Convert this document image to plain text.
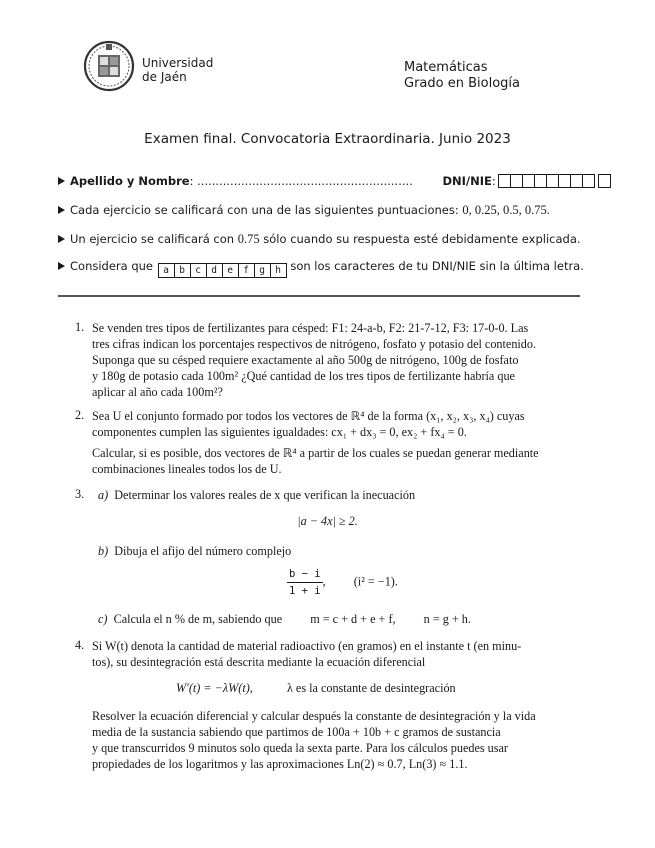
Universidad
de Jaén
Matemáticas
Grado en Biología
Examen final. Convocatoria Extraordinaria. Junio 2023
Apellido y Nombre: ...........................................................	DNI/NIE:
Cada ejercicio se calificará con una de las siguientes puntuaciones: 0, 0.25, 0.5, 0.75.
Un ejercicio se calificará con 0.75 sólo cuando su respuesta esté debidamente explicada.
Considera que a b c d e f g h son los caracteres de tu DNI/NIE sin la última letra.
1. Se venden tres tipos de fertilizantes para césped: F1: 24-a-b, F2: 21-7-12, F3: 17-0-0. Las
tres cifras indican los porcentajes respectivos de nitrógeno, fosfato y potasio del contenido.
Suponga que su césped requiere exactamente al año 500g de nitrógeno, 100g de fosfato
y 180g de potasio cada 100m² ¿Qué cantidad de los tres tipos de fertilizante habría que
aplicar al año cada 100m²?
2. Sea U el conjunto formado por todos los vectores de ℝ⁴ de la forma (x₁, x₂, x₃, x₄) cuyas
componentes cumplen las siguientes igualdades: cx₁ + dx₃ = 0, ex₂ + fx₄ = 0.
Calcular, si es posible, dos vectores de ℝ⁴ a partir de los cuales se puedan generar mediante
combinaciones lineales todos los de U.
3. a) Determinar los valores reales de x que verifican la inecuación
|a − 4x| ≥ 2.
b) Dibuja el afijo del número complejo
$\frac{b - i}{1 + i}$ , (i² = −1).
c) Calcula el n % de m, sabiendo que m = c + d + e + f, n = g + h.
4. Si W(t) denota la cantidad de material radioactivo (en gramos) en el instante t (en minu-
tos), su desintegración está descrita mediante la ecuación diferencial
W′(t) = −λW(t),	λ es la constante de desintegración
Resolver la ecuación diferencial y calcular después la constante de desintegración y la vida
media de la sustancia sabiendo que partimos de 100a + 10b + c gramos de sustancia
y que transcurridos 9 minutos solo queda la sexta parte. Para los cálculos puedes usar
propiedades de los logaritmos y las aproximaciones Ln(2) ≈ 0.7, Ln(3) ≈ 1.1.
